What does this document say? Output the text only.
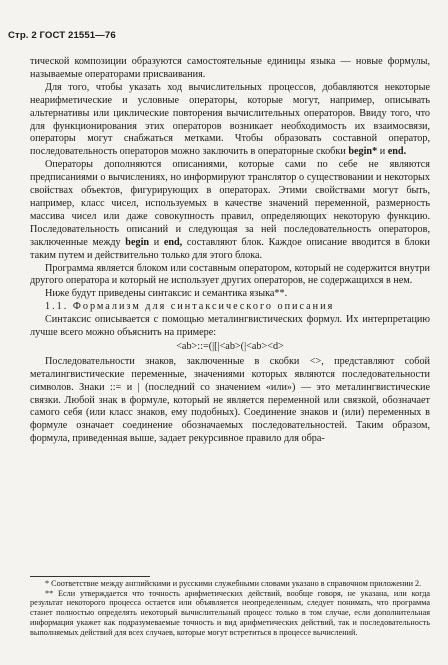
Стр. 2 ГОСТ 21551—76

тической композиции образуются самостоятельные единицы языка — новые формулы, называемые операторами присваивания.

Для того, чтобы указать ход вычислительных процессов, добавляются некоторые неарифметические и условные операторы, которые могут, например, описывать альтернативы или циклические повторения вычислительных операторов. Ввиду того, что для функционирования этих операторов возникает необходимость их взаимосвязи, операторы могут снабжаться метками. Чтобы образовать составной оператор, последовательность операторов можно заключить в операторные скобки begin* и end.

Операторы дополняются описаниями, которые сами по себе не являются предписаниями о вычислениях, но информируют транслятор о существовании и некоторых свойствах объектов, фигурирующих в операторах. Этими свойствами могут быть, например, класс чисел, используемых в качестве значений переменной, размерность массива чисел или даже совокупность правил, определяющих некоторую функцию. Последовательность описаний и следующая за ней последовательность операторов, заключенные между begin и end, составляют блок. Каждое описание вводится в блоки таким путем и действительно только для этого блока.

Программа является блоком или составным оператором, который не содержится внутри другого оператора и который не использует других операторов, не содержащихся в нем.

Ниже будут приведены синтаксис и семантика языка**.

1.1. Формализм для синтаксического описания

Синтаксис описывается с помощью металингвистических формул. Их интерпретацию лучше всего можно объяснить на примере:

<ab>::=(|[|<ab>(|<ab><d>

Последовательности знаков, заключенные в скобки <>, представляют собой металингвистические переменные, значениями которых являются последовательности символов. Знаки ::= и | (последний со значением «или») — это металингвистические связки. Любой знак в формуле, который не является переменной или связкой, обозначает самого себя (или класс знаков, ему подобных). Соединение знаков и (или) переменных в формуле означает соединение обозначаемых последовательностей. Таким образом, формула, приведенная выше, задает рекурсивное правило для обра-

* Соответствие между английскими и русскими служебными словами указано в справочном приложении 2.

** Если утверждается что точность арифметических действий, вообще говоря, не указана, или когда результат некоторого процесса остается или объявляется неопределенным, следует понимать, что программа станет полностью определять некоторый вычислительный процесс только в том случае, если дополнительная информация укажет как подразумеваемые точность и вид арифметических действий, так и последовательность выполняемых действий для всех случаев, которые могут встретиться в процессе вычислений.
